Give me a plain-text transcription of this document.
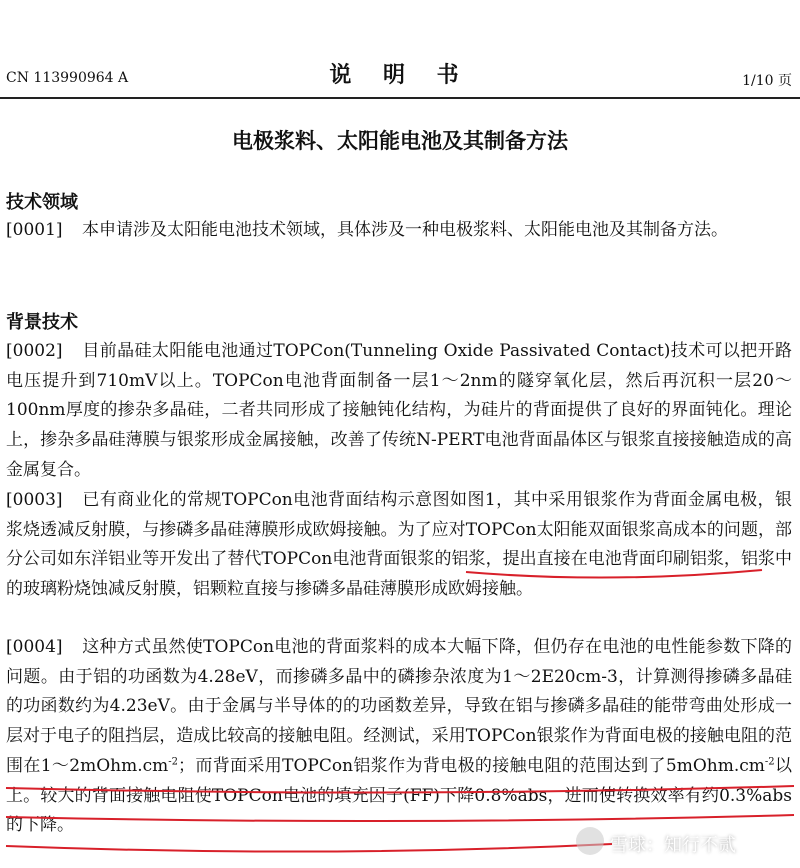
CN 113990964 A	说 明 书	1/10 页
电极浆料、太阳能电池及其制备方法
技术领域
[0001] 本申请涉及太阳能电池技术领域，具体涉及一种电极浆料、太阳能电池及其制备方法。
背景技术
[0002] 目前晶硅太阳能电池通过TOPCon(Tunneling Oxide Passivated Contact)技术可以把开路电压提升到710mV以上。TOPCon电池背面制备一层1～2nm的隧穿氧化层，然后再沉积一层20～100nm厚度的掺杂多晶硅，二者共同形成了接触钝化结构，为硅片的背面提供了良好的界面钝化。理论上，掺杂多晶硅薄膜与银浆形成金属接触，改善了传统N-PERT电池背面晶体区与银浆直接接触造成的高金属复合。
[0003] 已有商业化的常规TOPCon电池背面结构示意图如图1，其中采用银浆作为背面金属电极，银浆烧透减反射膜，与掺磷多晶硅薄膜形成欧姆接触。为了应对TOPCon太阳能双面银浆高成本的问题，部分公司如东洋铝业等开发出了替代TOPCon电池背面银浆的铝浆，提出直接在电池背面印刷铝浆，铝浆中的玻璃粉烧蚀减反射膜，铝颗粒直接与掺磷多晶硅薄膜形成欧姆接触。
[0004] 这种方式虽然使TOPCon电池的背面浆料的成本大幅下降，但仍存在电池的电性能参数下降的问题。由于铝的功函数为4.28eV，而掺磷多晶中的磷掺杂浓度为1～2E20cm-3，计算测得掺磷多晶硅的功函数约为4.23eV。由于金属与半导体的的功函数差异，导致在铝与掺磷多晶硅的能带弯曲处形成一层对于电子的阻挡层，造成比较高的接触电阻。经测试，采用TOPCon银浆作为背面电极的接触电阻的范围在$1\sim 2mOhm.cm^{-2}$；而背面采用TOPCon铝浆作为背电极的接触电阻的范围达到了$5mOhm.cm^{-2}$以上。较大的背面接触电阻使TOPCon电池的填充因子(FF)下降0.8%abs，进而使转换效率有约0.3%abs的下降。
雪球：知行不贰
